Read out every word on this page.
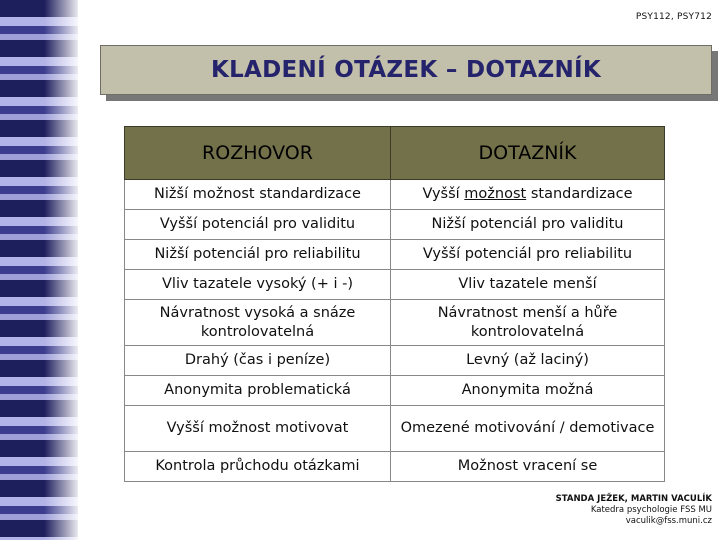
PSY112, PSY712
KLADENÍ OTÁZEK – DOTAZNÍK
ROZHOVOR	DOTAZNÍK
Nižší možnost standardizace	Vyšší možnost standardizace
Vyšší potenciál pro validitu	Nižší potenciál pro validitu
Nižší potenciál pro reliabilitu	Vyšší potenciál pro reliabilitu
Vliv tazatele vysoký (+ i -)	Vliv tazatele menší
Návratnost vysoká a snáze kontrolovatelná	Návratnost menší a hůře kontrolovatelná
Drahý (čas i peníze)	Levný (až laciný)
Anonymita problematická	Anonymita možná
Vyšší možnost motivovat	Omezené motivování / demotivace
Kontrola průchodu otázkami	Možnost vracení se
STANDA JEŽEK, MARTIN VACULÍK
Katedra psychologie FSS MU
vaculik@fss.muni.cz
